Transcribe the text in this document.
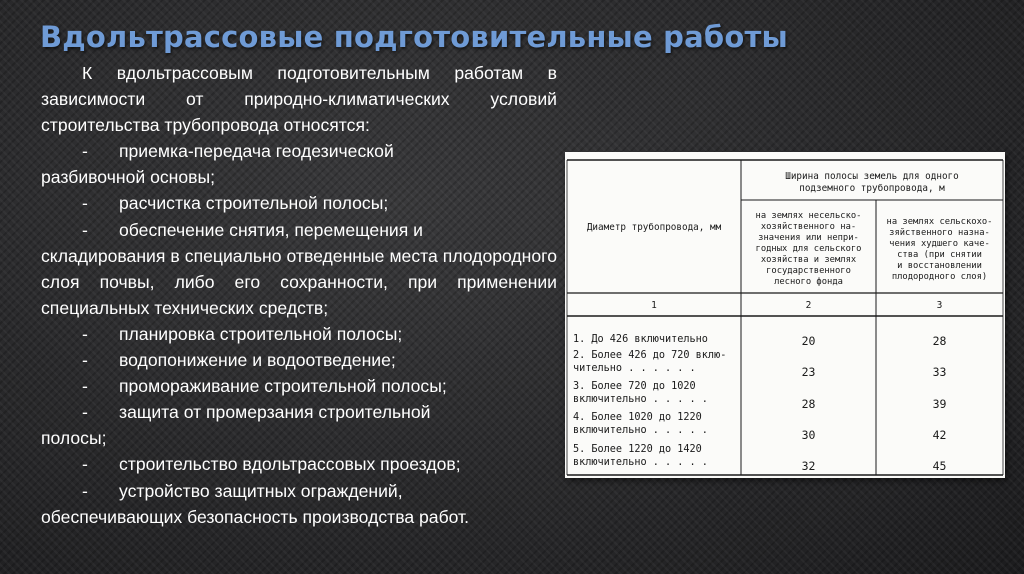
Вдольтрассовые подготовительные работы

К вдольтрассовым подготовительным работам в зависимости от природно-климатических условий строительства трубопровода относятся:

- приемка-передача геодезической
разбивочной основы;

- расчистка строительной полосы;

- обеспечение снятия, перемещения и
складирования в специально отведенные места плодородного слоя почвы, либо его сохранности, при применении специальных технических средств;

- планировка строительной полосы;

- водопонижение и водоотведение;

- промораживание строительной полосы;

- защита от промерзания строительной
полосы;

- строительство вдольтрассовых проездов;

- устройство защитных ограждений,
обеспечивающих безопасность производства работ.

Диаметр трубопровода, мм
Ширина полосы земель для одного
подземного трубопровода, м
на землях несельско-
хозяйственного на-
значения или непри-
годных для сельского
хозяйства и землях
государственного
лесного фонда
на землях сельскохо-
зяйственного назна-
чения худшего каче-
ства (при снятии
и восстановлении
плодородного слоя)
1	2	3
1. До 426 включительно	20	28
2. Более 426 до 720 вклю-
чительно . . . . . .	23	33
3. Более 720 до 1020
включительно . . . . .	28	39
4. Более 1020 до 1220
включительно . . . . .	30	42
5. Более 1220 до 1420
включительно . . . . .	32	45
